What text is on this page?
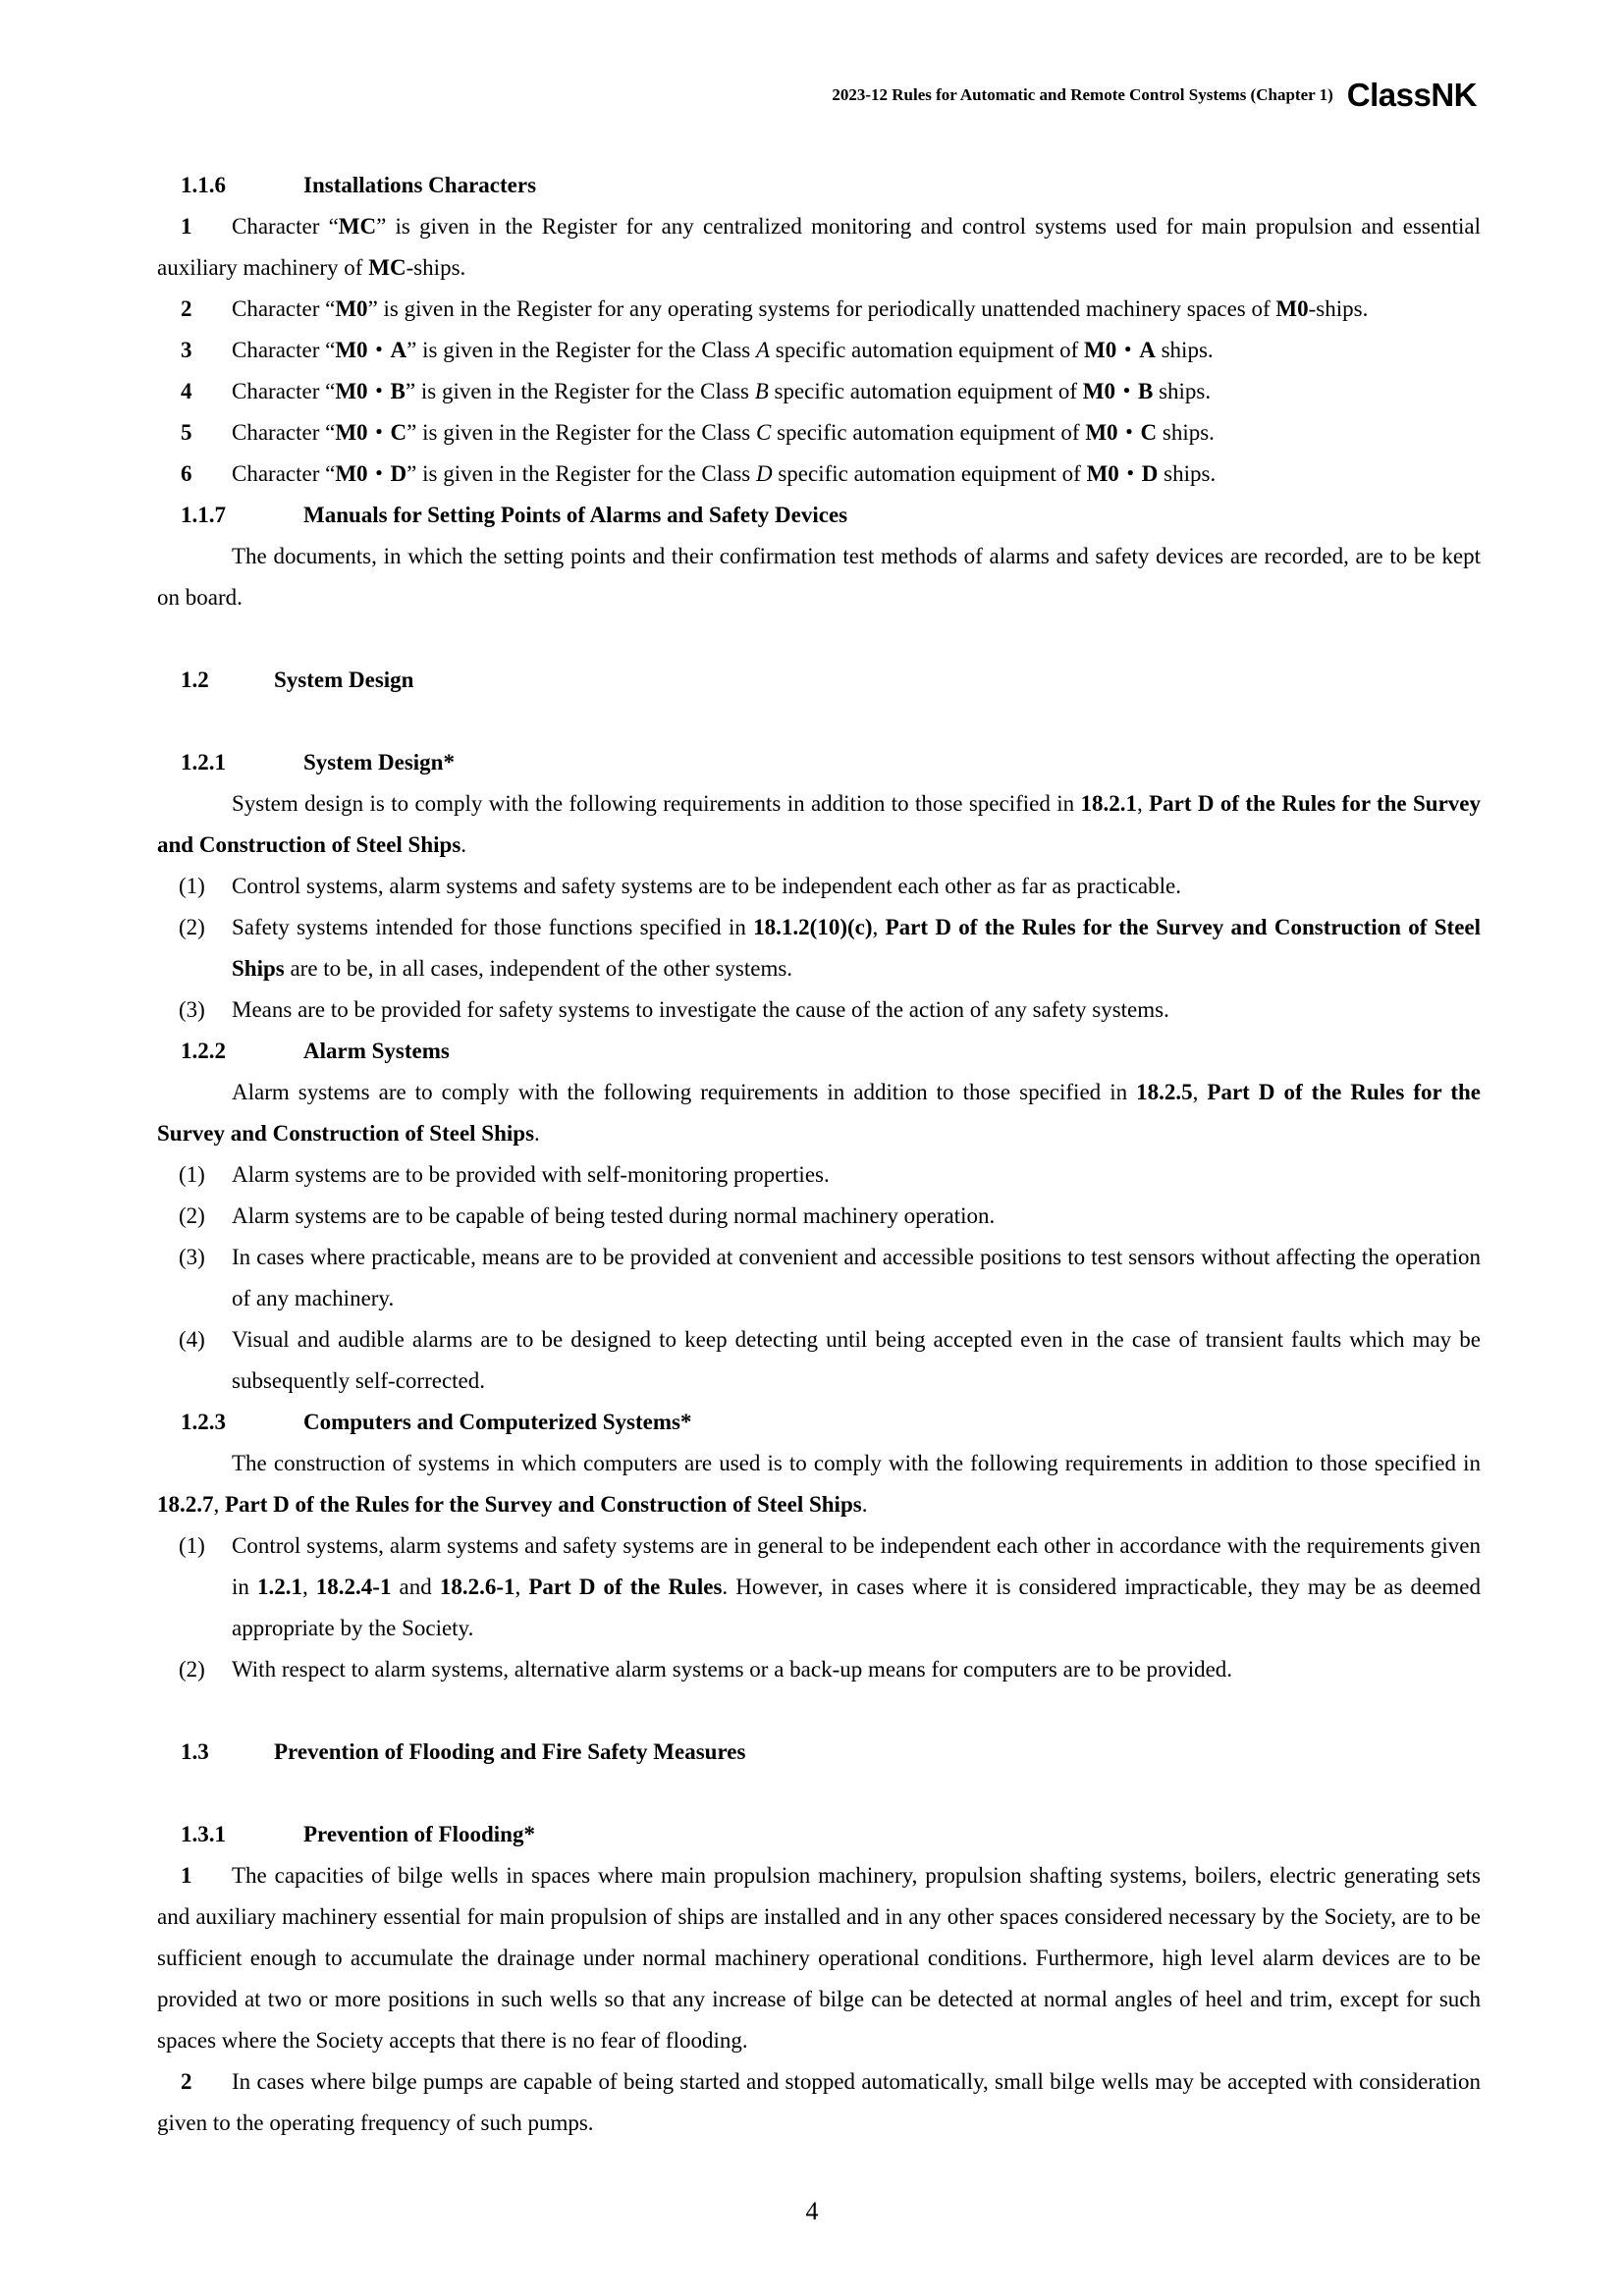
2023-12 Rules for Automatic and Remote Control Systems (Chapter 1) ClassNK

1.1.6	Installations Characters

1 Character “MC” is given in the Register for any centralized monitoring and control systems used for main propulsion and essential auxiliary machinery of MC-ships.

2 Character “M0” is given in the Register for any operating systems for periodically unattended machinery spaces of M0-ships.

3 Character “M0・A” is given in the Register for the Class A specific automation equipment of M0・A ships.

4 Character “M0・B” is given in the Register for the Class B specific automation equipment of M0・B ships.

5 Character “M0・C” is given in the Register for the Class C specific automation equipment of M0・C ships.

6 Character “M0・D” is given in the Register for the Class D specific automation equipment of M0・D ships.

1.1.7	Manuals for Setting Points of Alarms and Safety Devices

The documents, in which the setting points and their confirmation test methods of alarms and safety devices are recorded, are to be kept on board.

1.2	System Design

1.2.1	System Design*

System design is to comply with the following requirements in addition to those specified in 18.2.1, Part D of the Rules for the Survey and Construction of Steel Ships.

(1) Control systems, alarm systems and safety systems are to be independent each other as far as practicable.

(2) Safety systems intended for those functions specified in 18.1.2(10)(c), Part D of the Rules for the Survey and Construction of Steel Ships are to be, in all cases, independent of the other systems.

(3) Means are to be provided for safety systems to investigate the cause of the action of any safety systems.

1.2.2	Alarm Systems

Alarm systems are to comply with the following requirements in addition to those specified in 18.2.5, Part D of the Rules for the Survey and Construction of Steel Ships.

(1) Alarm systems are to be provided with self-monitoring properties.

(2) Alarm systems are to be capable of being tested during normal machinery operation.

(3) In cases where practicable, means are to be provided at convenient and accessible positions to test sensors without affecting the operation of any machinery.

(4) Visual and audible alarms are to be designed to keep detecting until being accepted even in the case of transient faults which may be subsequently self-corrected.

1.2.3	Computers and Computerized Systems*

The construction of systems in which computers are used is to comply with the following requirements in addition to those specified in 18.2.7, Part D of the Rules for the Survey and Construction of Steel Ships.

(1) Control systems, alarm systems and safety systems are in general to be independent each other in accordance with the requirements given in 1.2.1, 18.2.4-1 and 18.2.6-1, Part D of the Rules. However, in cases where it is considered impracticable, they may be as deemed appropriate by the Society.

(2) With respect to alarm systems, alternative alarm systems or a back-up means for computers are to be provided.

1.3	Prevention of Flooding and Fire Safety Measures

1.3.1	Prevention of Flooding*

1 The capacities of bilge wells in spaces where main propulsion machinery, propulsion shafting systems, boilers, electric generating sets and auxiliary machinery essential for main propulsion of ships are installed and in any other spaces considered necessary by the Society, are to be sufficient enough to accumulate the drainage under normal machinery operational conditions. Furthermore, high level alarm devices are to be provided at two or more positions in such wells so that any increase of bilge can be detected at normal angles of heel and trim, except for such spaces where the Society accepts that there is no fear of flooding.

2 In cases where bilge pumps are capable of being started and stopped automatically, small bilge wells may be accepted with consideration given to the operating frequency of such pumps.

4
